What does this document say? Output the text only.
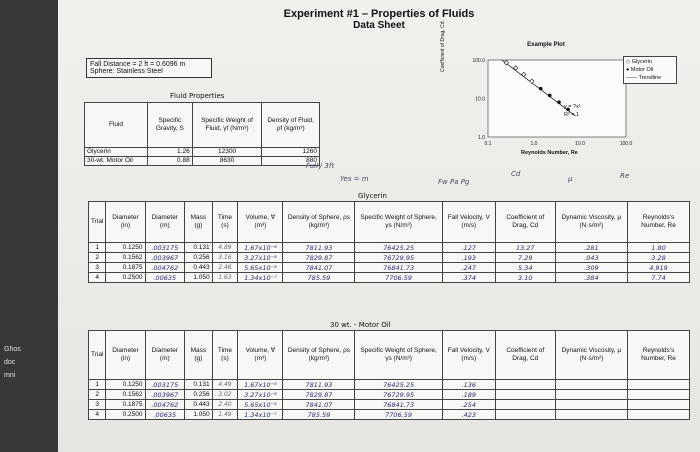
Ghos
doc
mni
Experiment #1 – Properties of Fluids
Data Sheet
Fall Distance = 2 ft = 0.6096 m
Sphere: Stainless Steel
Fluid Properties
Fluid	Specific Gravity, S	Specific Weight of Fluid, γf (N/m³)	Density of Fluid, ρf (kg/m³)
Glycerin	1.26	12300	1260
30-wt. Motor Oil	0.88	8630	880
Example Plot
0.1	1.0	10.0	100.0
100.0
10.0
1.0
Coefficient of Drag, Cd
Reynolds Number, Re
y = ?x¹
R² = 1
◇ Glycerin
● Motor Oil
—— Trendline
Fully 3ft
Yes = m	Fw Pa Pg
Cd
μ	Re
Glycerin
Trial	Diameter (in)	Diameter (m)	Mass (g)	Time (s)	Volume, ∀ (m³)	Density of Sphere, ρs (kg/m³)	Specific Weight of Sphere, γs (N/m³)	Fall Velocity, V (m/s)	Coefficient of Drag, Cd	Dynamic Viscosity, μ (N·s/m²)	Reynolds's Number, Re
1	0.1250	.003175	0.131	4.89	1.67x10⁻⁸	7811.93	76425.25	.127	13.27	.281	1.80
2	0.1562	.003967	0.256	3.16	3.27x10⁻⁸	7829.87	76729.95	.193	7.29	.043	3.28
3	0.1875	.004762	0.443	2.46	5.65x10⁻⁸	7841.07	76841.73	.247	5.34	.309	4.919
4	0.2500	.00635	1.050	1.63	1.34x10⁻⁷	785.59	7706.59	.374	3.10	.384	7.74
30 wt. - Motor Oil
Trial	Diameter (in)	Diameter (m)	Mass (g)	Time (s)	Volume, ∀ (m³)	Density of Sphere, ρs (kg/m³)	Specific Weight of Sphere, γs (N/m³)	Fall Velocity, V (m/s)	Coefficient of Drag, Cd	Dynamic Viscosity, μ (N·s/m²)	Reynolds's Number, Re
1	0.1250	.003175	0.131	4.49	1.67x10⁻⁸	7811.93	76425.25	.136			
2	0.1562	.003967	0.256	3.02	3.27x10⁻⁸	7829.87	76729.95	.189			
3	0.1875	.004762	0.443	2.40	5.65x10⁻⁸	7841.07	76841.73	.254			
4	0.2500	.00635	1.050	1.49	1.34x10⁻⁷	785.59	7706.59	.423			
